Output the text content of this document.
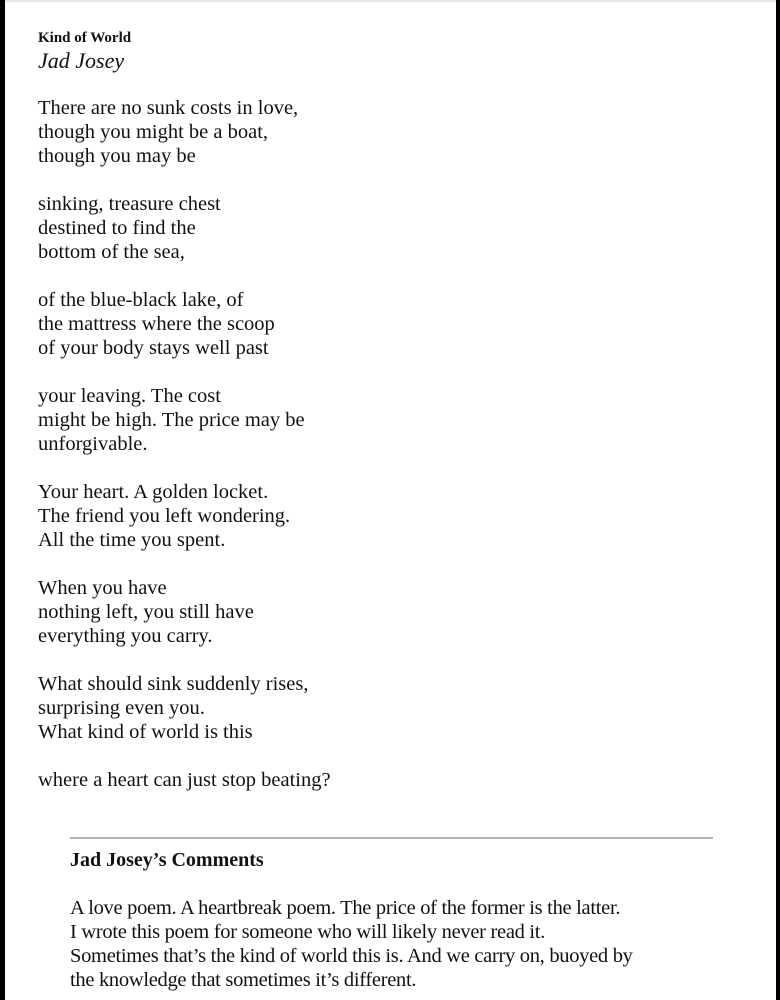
Kind of World
Jad Josey

There are no sunk costs in love,
though you might be a boat,
though you may be

sinking, treasure chest
destined to find the
bottom of the sea,

of the blue-black lake, of
the mattress where the scoop
of your body stays well past

your leaving. The cost
might be high. The price may be
unforgivable.

Your heart. A golden locket.
The friend you left wondering.
All the time you spent.

When you have
nothing left, you still have
everything you carry.

What should sink suddenly rises,
surprising even you.
What kind of world is this

where a heart can just stop beating?

Jad Josey’s Comments

A love poem. A heartbreak poem. The price of the former is the latter.
I wrote this poem for someone who will likely never read it.
Sometimes that’s the kind of world this is. And we carry on, buoyed by
the knowledge that sometimes it’s different.
